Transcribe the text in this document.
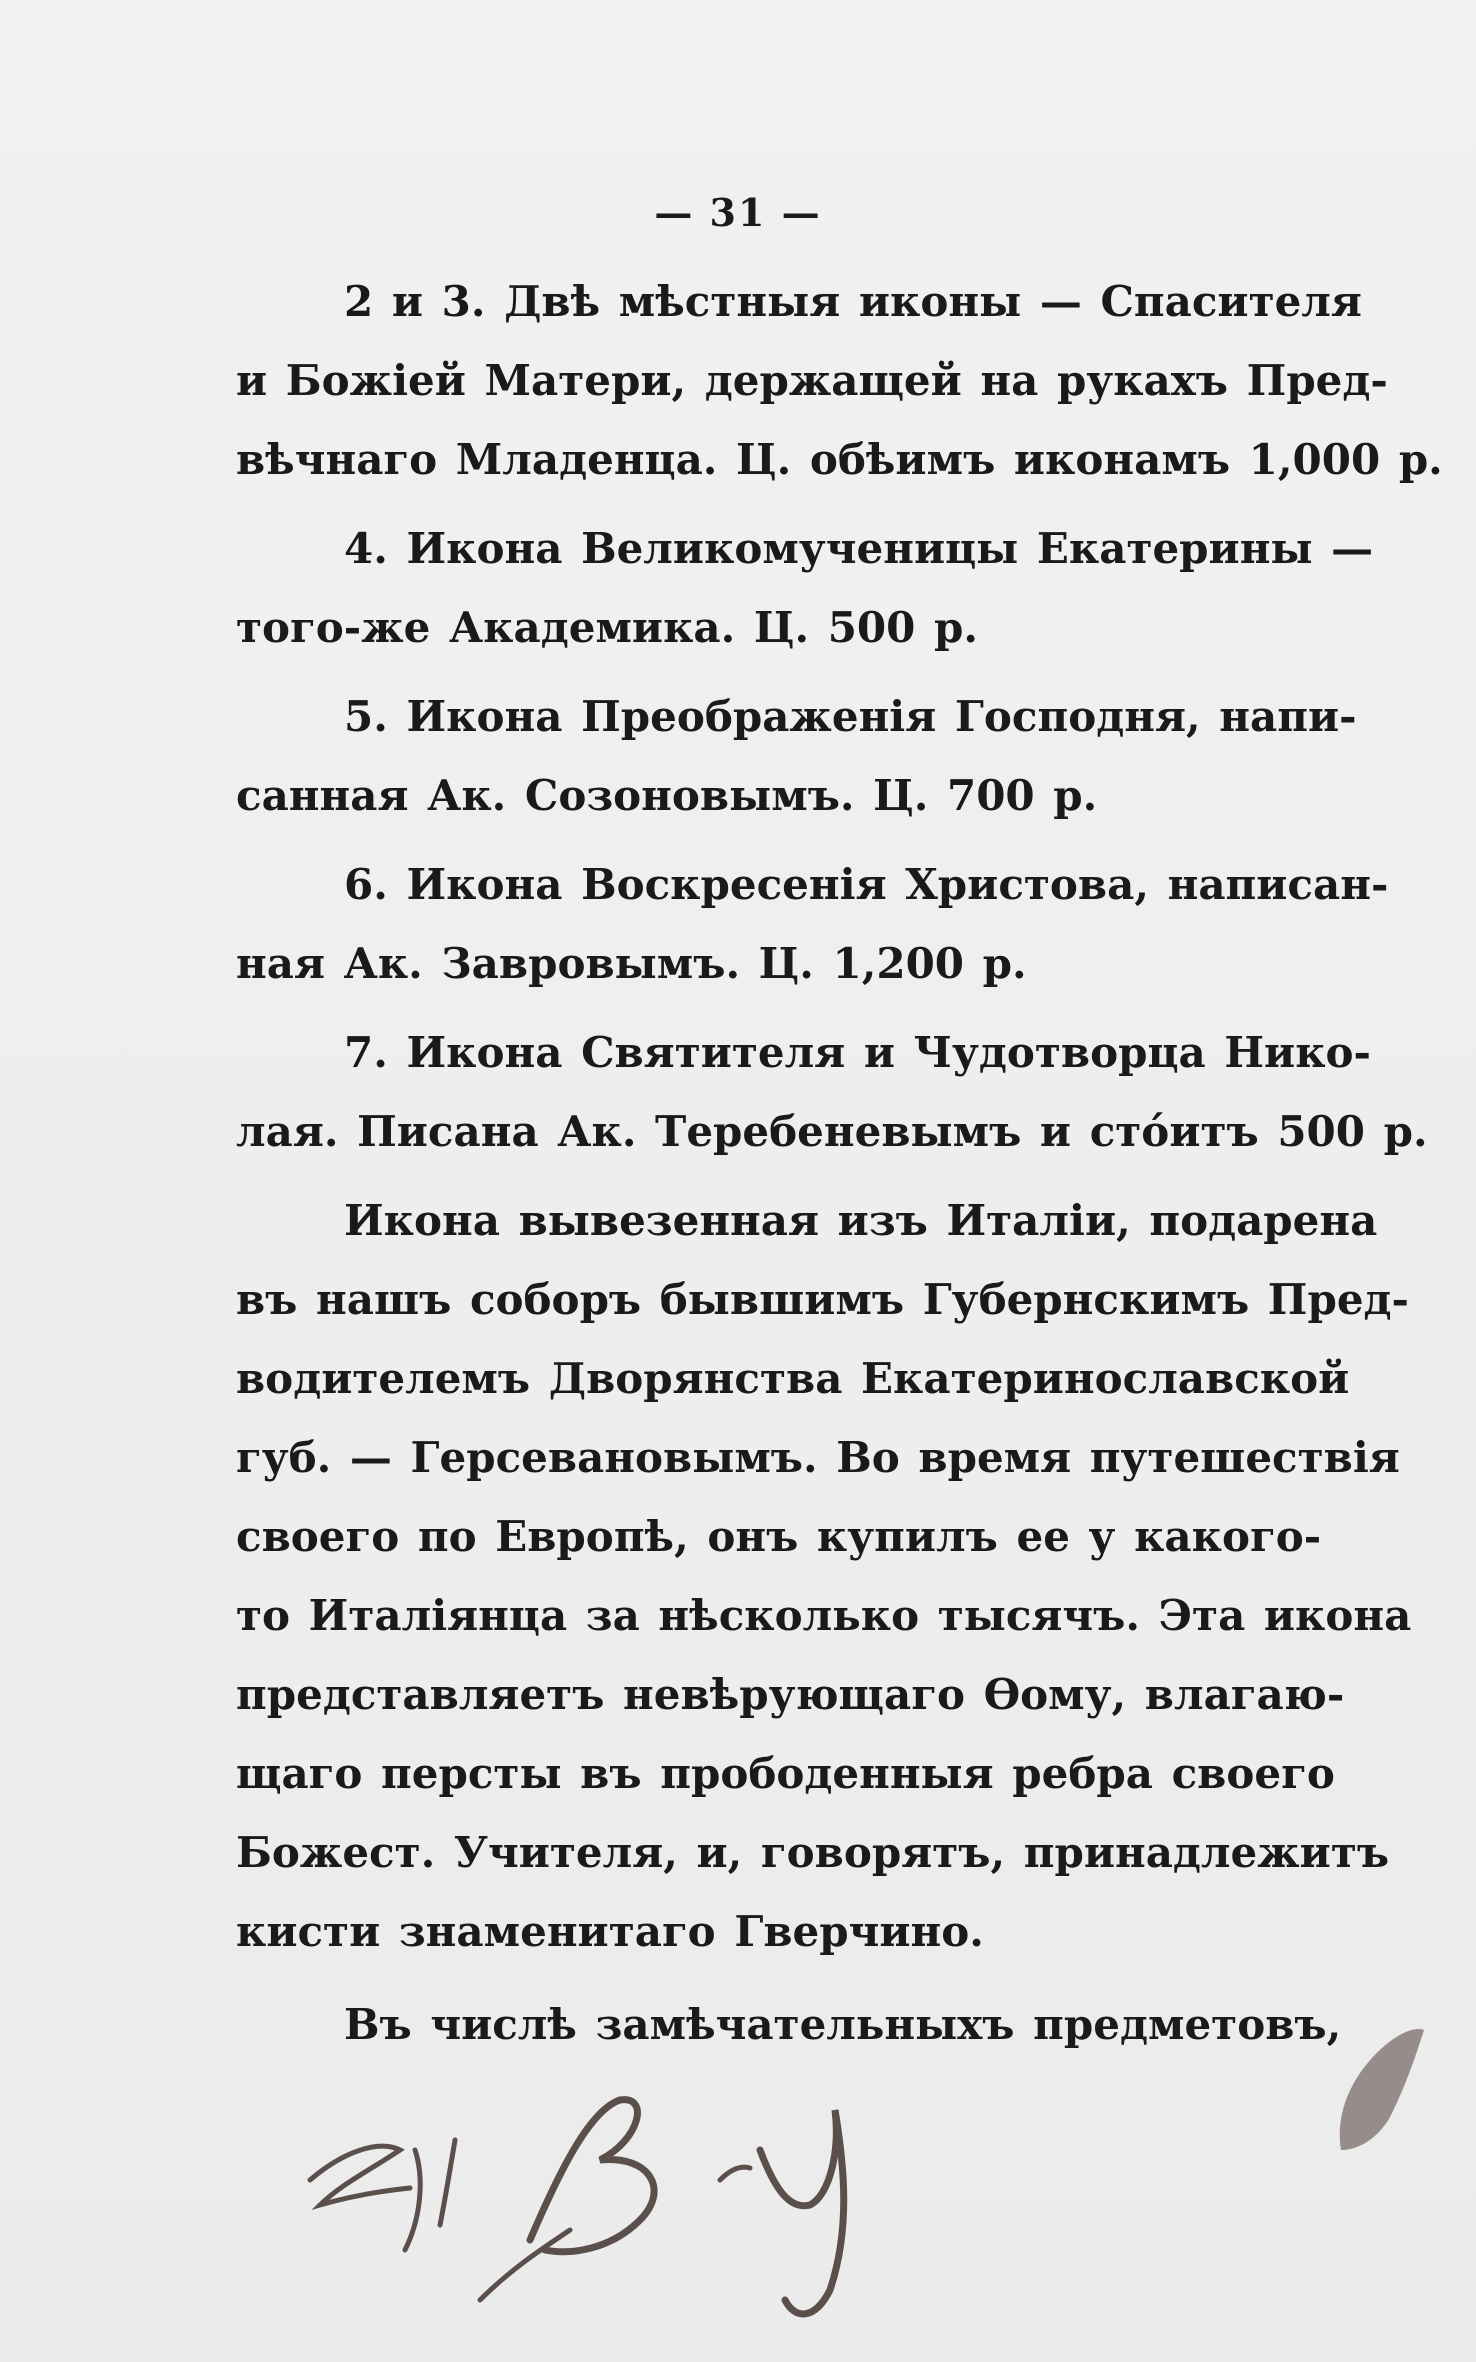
— 31 —

2 и 3. Двѣ мѣстныя иконы — Спасителя
и Божіей Матери, держащей на рукахъ Пред-
вѣчнаго Младенца. Ц. обѣимъ иконамъ 1,000 р.

4. Икона Великомученицы Екатерины —
того-же Академика. Ц. 500 р.

5. Икона Преображенія Господня, напи-
санная Ак. Созоновымъ. Ц. 700 р.

6. Икона Воскресенія Христова, написан-
ная Ак. Завровымъ. Ц. 1,200 р.

7. Икона Святителя и Чудотворца Нико-
лая. Писана Ак. Теребеневымъ и стóитъ 500 р.

Икона вывезенная изъ Италіи, подарена
въ нашъ соборъ бывшимъ Губернскимъ Пред-
водителемъ Дворянства Екатеринославской
губ. — Герсевановымъ. Во время путешествія
своего по Европѣ, онъ купилъ ее у какого-
то Италіянца за нѣсколько тысячъ. Эта икона
представляетъ невѣрующаго Ѳому, влагаю-
щаго персты въ прободенныя ребра своего
Божест. Учителя, и, говорятъ, принадлежитъ
кисти знаменитаго Гверчино.

Въ числѣ замѣчательныхъ предметовъ,
